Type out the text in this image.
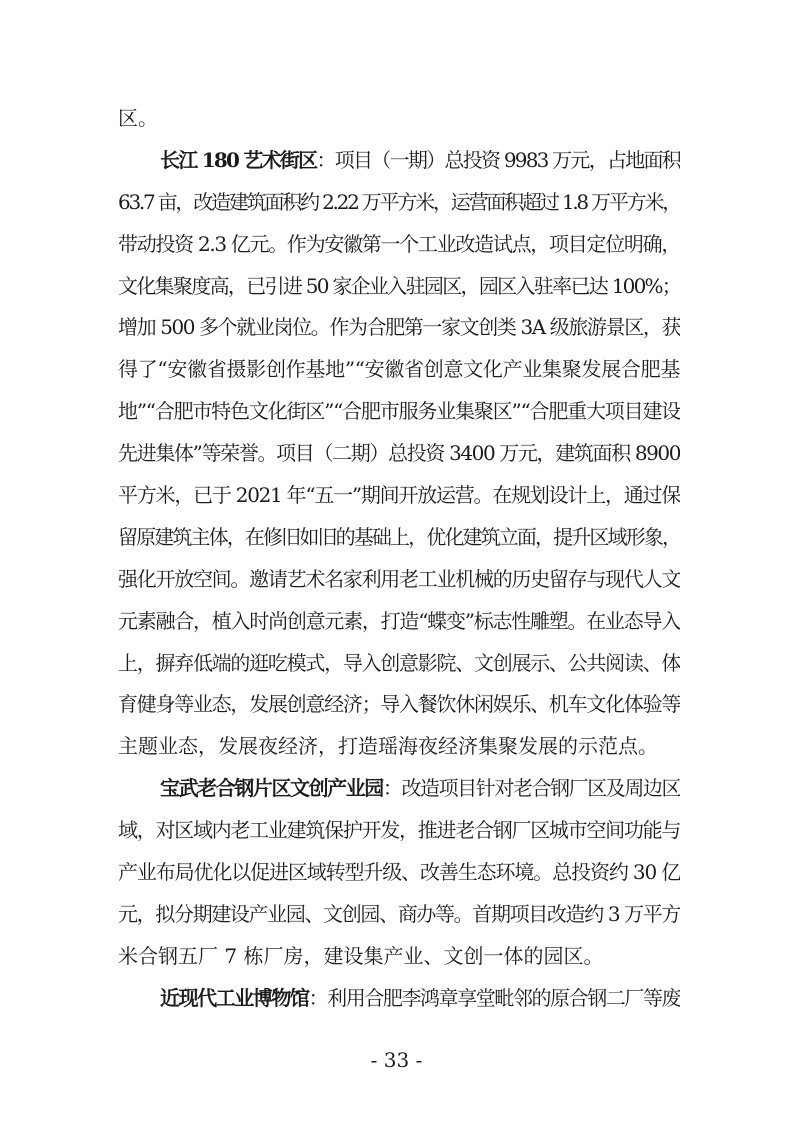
区。
长江 180 艺术街区：项目（一期）总投资 9983 万元，占地面积
63.7 亩，改造建筑面积约 2.22 万平方米，运营面积超过 1.8 万平方米，
带动投资 2.3 亿元。作为安徽第一个工业改造试点，项目定位明确，
文化集聚度高，已引进 50 家企业入驻园区，园区入驻率已达 100%；
增加 500 多个就业岗位。作为合肥第一家文创类 3A 级旅游景区，获
得了“安徽省摄影创作基地”“安徽省创意文化产业集聚发展合肥基
地”“合肥市特色文化街区”“合肥市服务业集聚区”“合肥重大项目建设
先进集体”等荣誉。项目（二期）总投资 3400 万元，建筑面积 8900
平方米，已于 2021 年“五一”期间开放运营。在规划设计上，通过保
留原建筑主体，在修旧如旧的基础上，优化建筑立面，提升区域形象，
强化开放空间。邀请艺术名家利用老工业机械的历史留存与现代人文
元素融合，植入时尚创意元素，打造“蝶变”标志性雕塑。在业态导入
上，摒弃低端的逛吃模式，导入创意影院、文创展示、公共阅读、体
育健身等业态，发展创意经济；导入餐饮休闲娱乐、机车文化体验等
主题业态，发展夜经济，打造瑶海夜经济集聚发展的示范点。
宝武老合钢片区文创产业园：改造项目针对老合钢厂区及周边区
域，对区域内老工业建筑保护开发，推进老合钢厂区城市空间功能与
产业布局优化以促进区域转型升级、改善生态环境。总投资约 30 亿
元，拟分期建设产业园、文创园、商办等。首期项目改造约 3 万平方
米合钢五厂 7 栋厂房，建设集产业、文创一体的园区。
近现代工业博物馆：利用合肥李鸿章享堂毗邻的原合钢二厂等废
- 33 -
